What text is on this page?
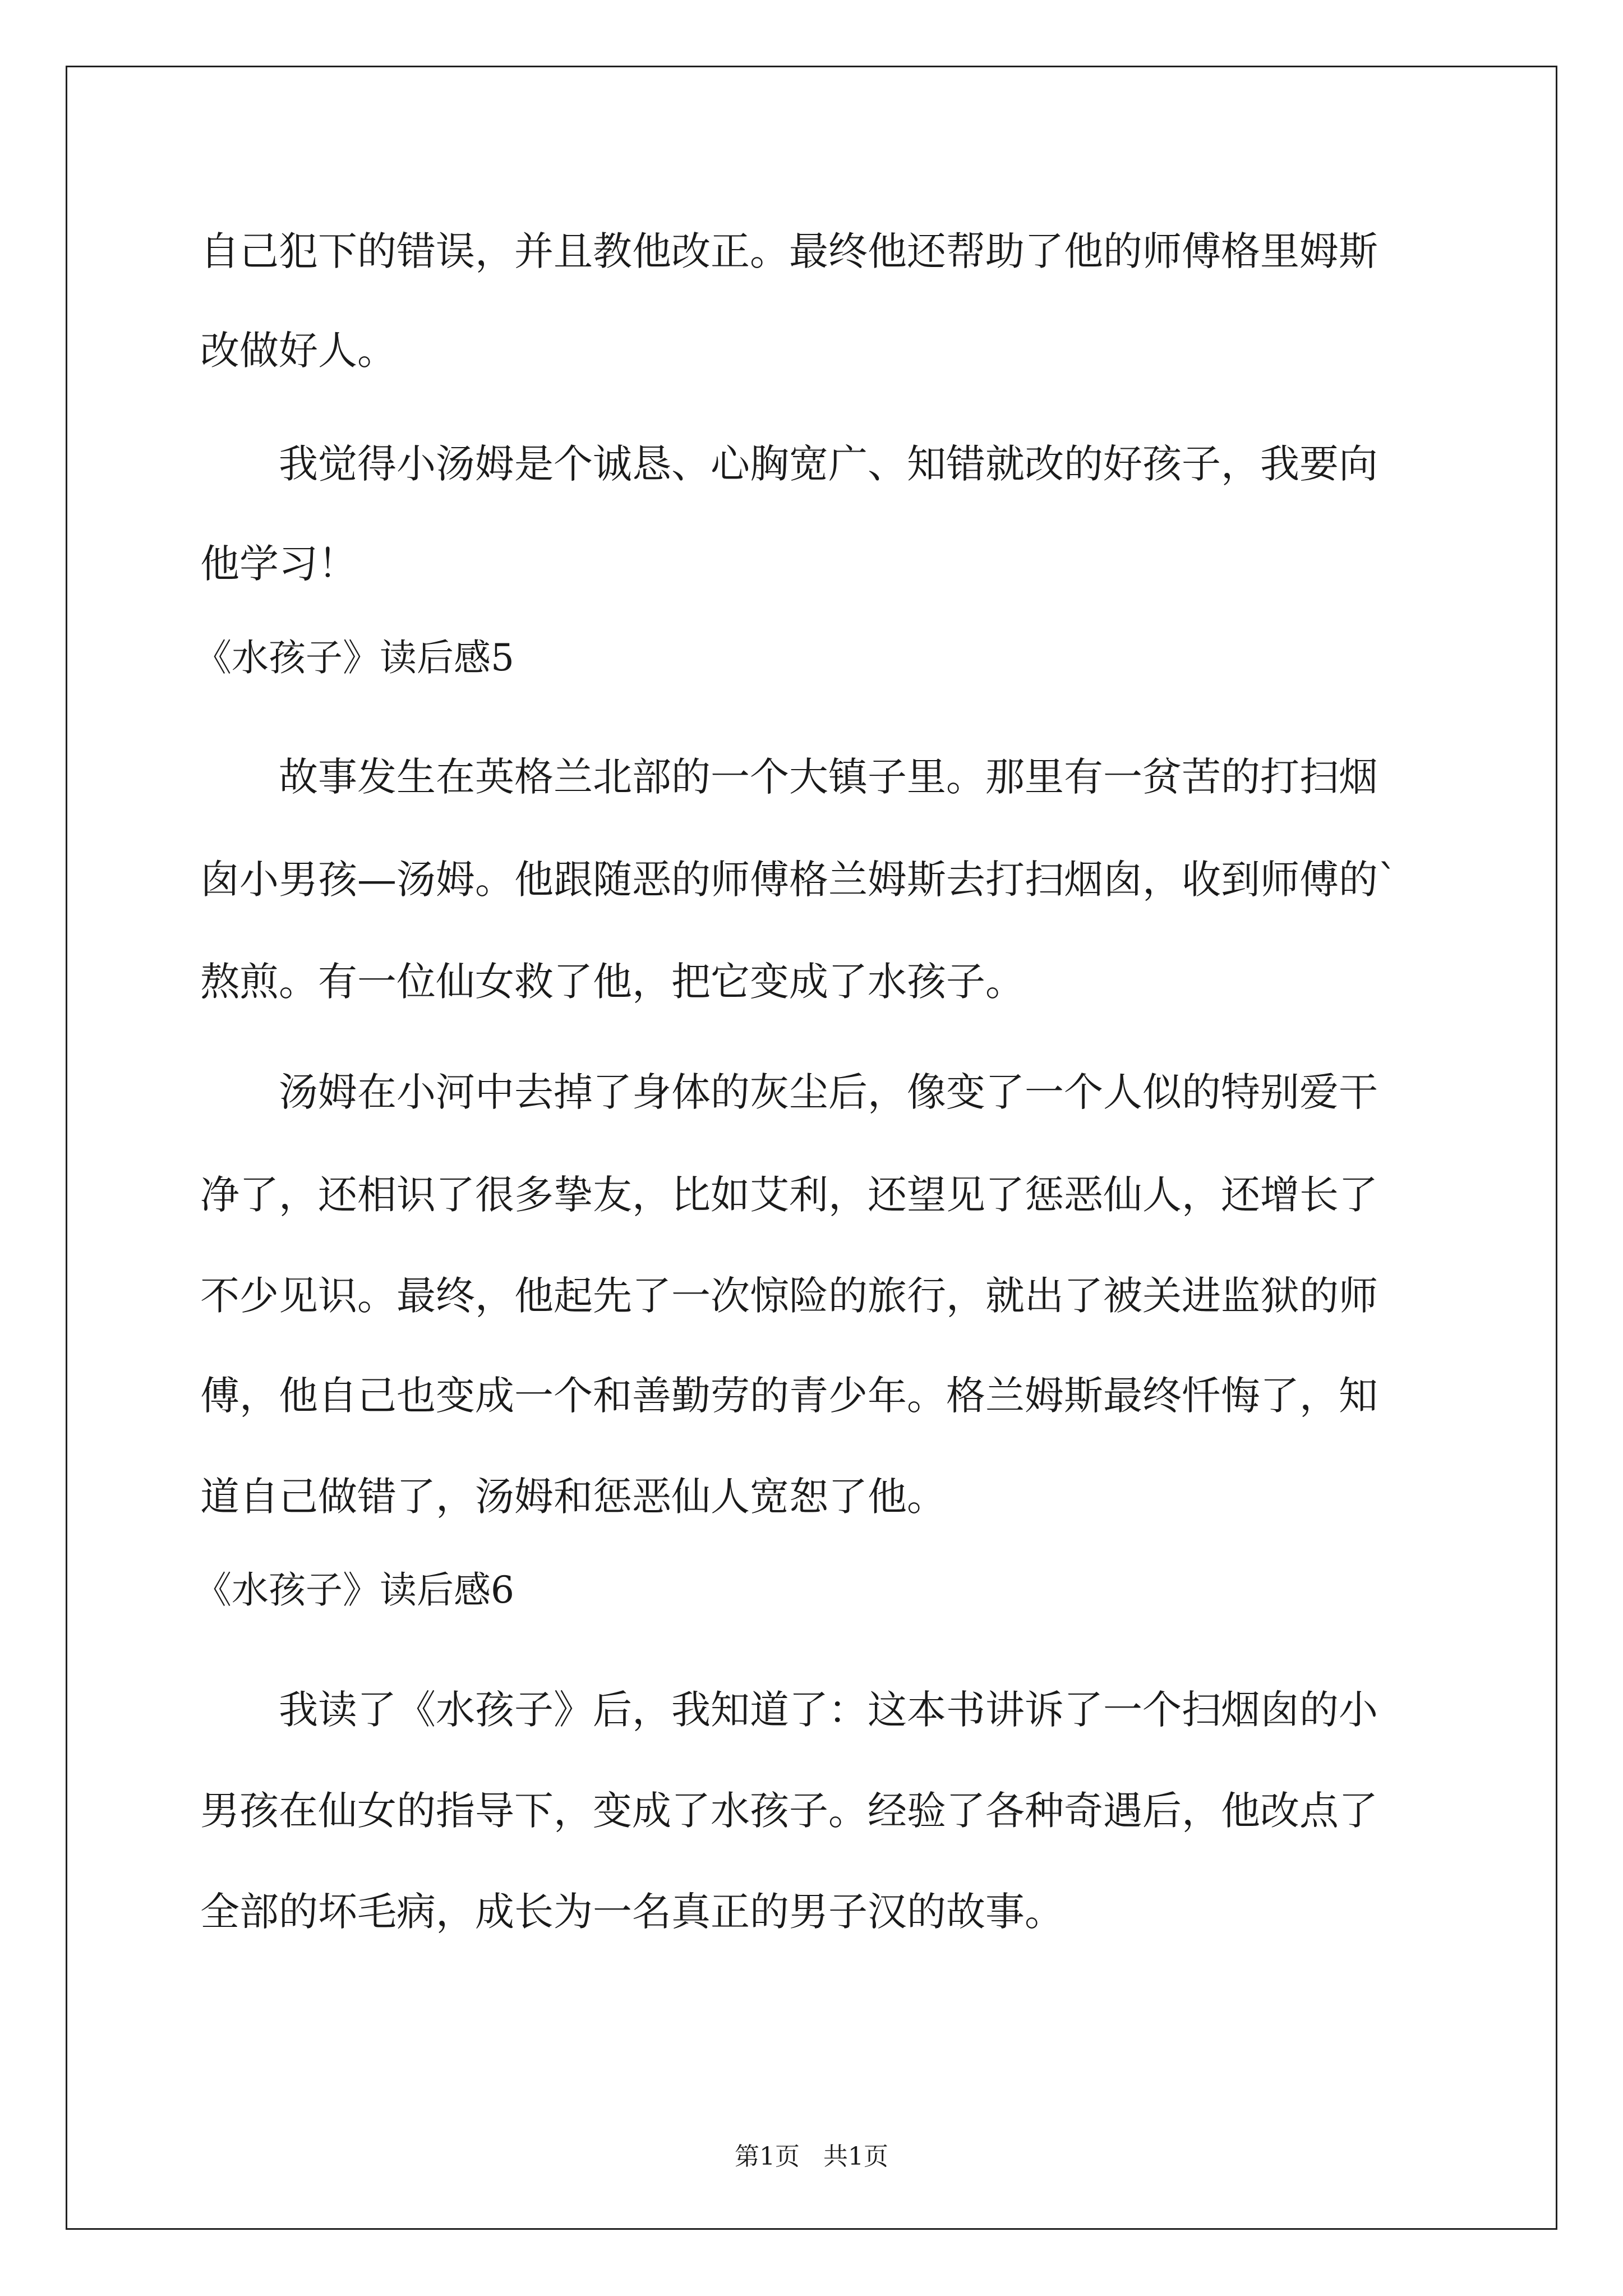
自己犯下的错误，并且教他改正。最终他还帮助了他的师傅格里姆斯
改做好人。
我觉得小汤姆是个诚恳、心胸宽广、知错就改的好孩子，我要向
他学习！
《水孩子》读后感5
故事发生在英格兰北部的一个大镇子里。那里有一贫苦的打扫烟
囱小男孩—汤姆。他跟随恶的师傅格兰姆斯去打扫烟囱，收到师傅的`
熬煎。有一位仙女救了他，把它变成了水孩子。
汤姆在小河中去掉了身体的灰尘后，像变了一个人似的特别爱干
净了，还相识了很多挚友，比如艾利，还望见了惩恶仙人，还增长了
不少见识。最终，他起先了一次惊险的旅行，就出了被关进监狱的师
傅，他自己也变成一个和善勤劳的青少年。格兰姆斯最终忏悔了，知
道自己做错了，汤姆和惩恶仙人宽恕了他。
《水孩子》读后感6
我读了《水孩子》后，我知道了：这本书讲诉了一个扫烟囱的小
男孩在仙女的指导下，变成了水孩子。经验了各种奇遇后，他改点了
全部的坏毛病，成长为一名真正的男子汉的故事。
第1页 共1页
